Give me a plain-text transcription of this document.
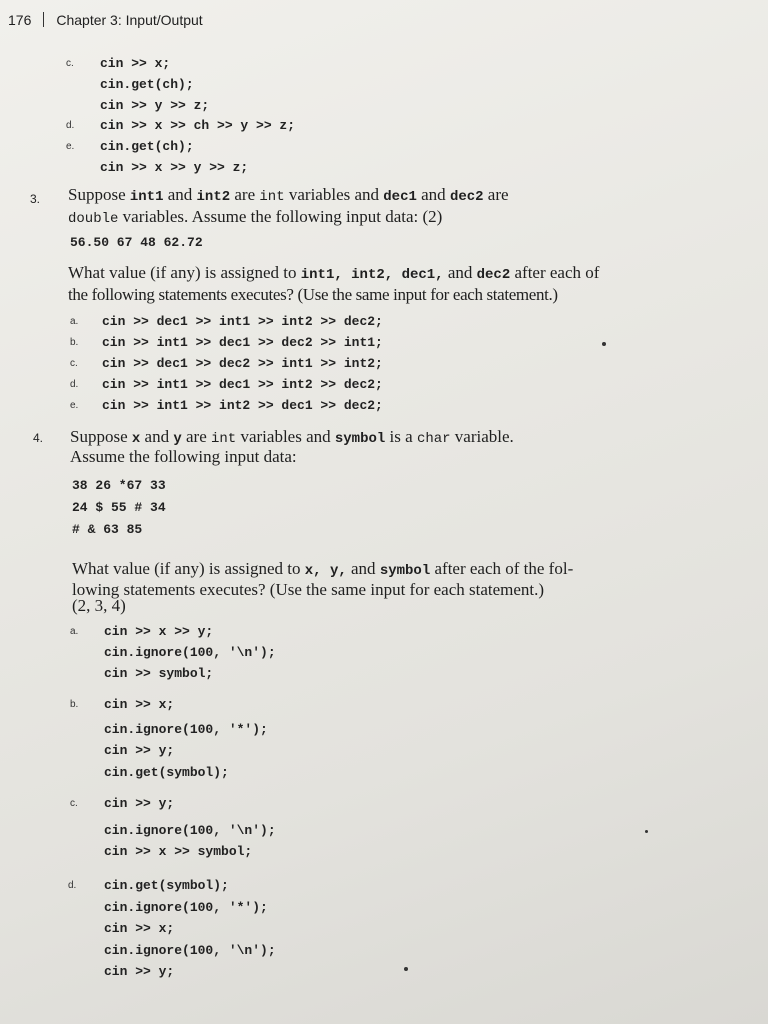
176 Chapter 3: Input/Output
c. cin >> x;
cin.get(ch);
cin >> y >> z;
d. cin >> x >> ch >> y >> z;
e. cin.get(ch);
cin >> x >> y >> z;
3. Suppose int1 and int2 are int variables and dec1 and dec2 are
double variables. Assume the following input data: (2)
56.50 67 48 62.72
What value (if any) is assigned to int1, int2, dec1, and dec2 after each of
the following statements executes? (Use the same input for each statement.)
a. cin >> dec1 >> int1 >> int2 >> dec2;
b. cin >> int1 >> dec1 >> dec2 >> int1;
c. cin >> dec1 >> dec2 >> int1 >> int2;
d. cin >> int1 >> dec1 >> int2 >> dec2;
e. cin >> int1 >> int2 >> dec1 >> dec2;
4. Suppose x and y are int variables and symbol is a char variable.
Assume the following input data:
38 26 *67 33
24 $ 55 # 34
# & 63 85
What value (if any) is assigned to x, y, and symbol after each of the fol-
lowing statements executes? (Use the same input for each statement.)
(2, 3, 4)
a. cin >> x >> y;
cin.ignore(100, '\n');
cin >> symbol;
b. cin >> x;
cin.ignore(100, '*');
cin >> y;
cin.get(symbol);
c. cin >> y;
cin.ignore(100, '\n');
cin >> x >> symbol;
d. cin.get(symbol);
cin.ignore(100, '*');
cin >> x;
cin.ignore(100, '\n');
cin >> y;
